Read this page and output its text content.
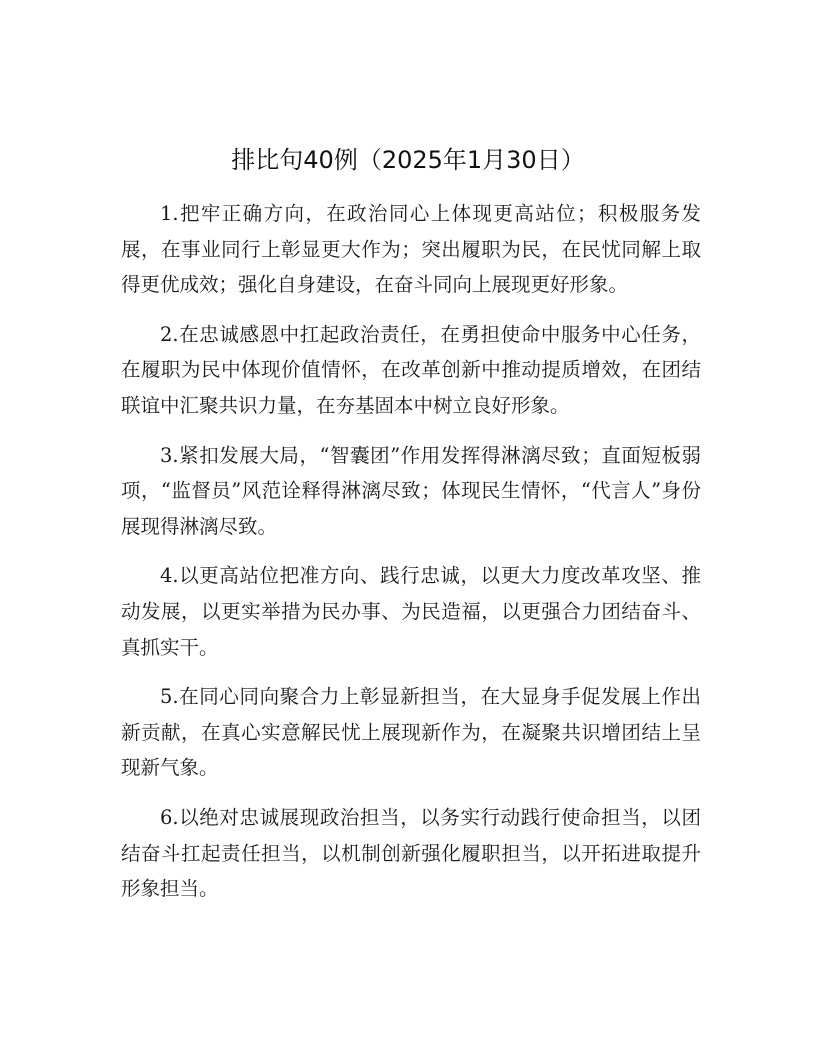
排比句40例（2025年1月30日）

1.把牢正确方向，在政治同心上体现更高站位；积极服务发展，在事业同行上彰显更大作为；突出履职为民，在民忧同解上取得更优成效；强化自身建设，在奋斗同向上展现更好形象。

2.在忠诚感恩中扛起政治责任，在勇担使命中服务中心任务，在履职为民中体现价值情怀，在改革创新中推动提质增效，在团结联谊中汇聚共识力量，在夯基固本中树立良好形象。

3.紧扣发展大局，“智囊团”作用发挥得淋漓尽致；直面短板弱项，“监督员”风范诠释得淋漓尽致；体现民生情怀，“代言人”身份展现得淋漓尽致。

4.以更高站位把准方向、践行忠诚，以更大力度改革攻坚、推动发展，以更实举措为民办事、为民造福，以更强合力团结奋斗、真抓实干。

5.在同心同向聚合力上彰显新担当，在大显身手促发展上作出新贡献，在真心实意解民忧上展现新作为，在凝聚共识增团结上呈现新气象。

6.以绝对忠诚展现政治担当，以务实行动践行使命担当，以团结奋斗扛起责任担当，以机制创新强化履职担当，以开拓进取提升形象担当。
